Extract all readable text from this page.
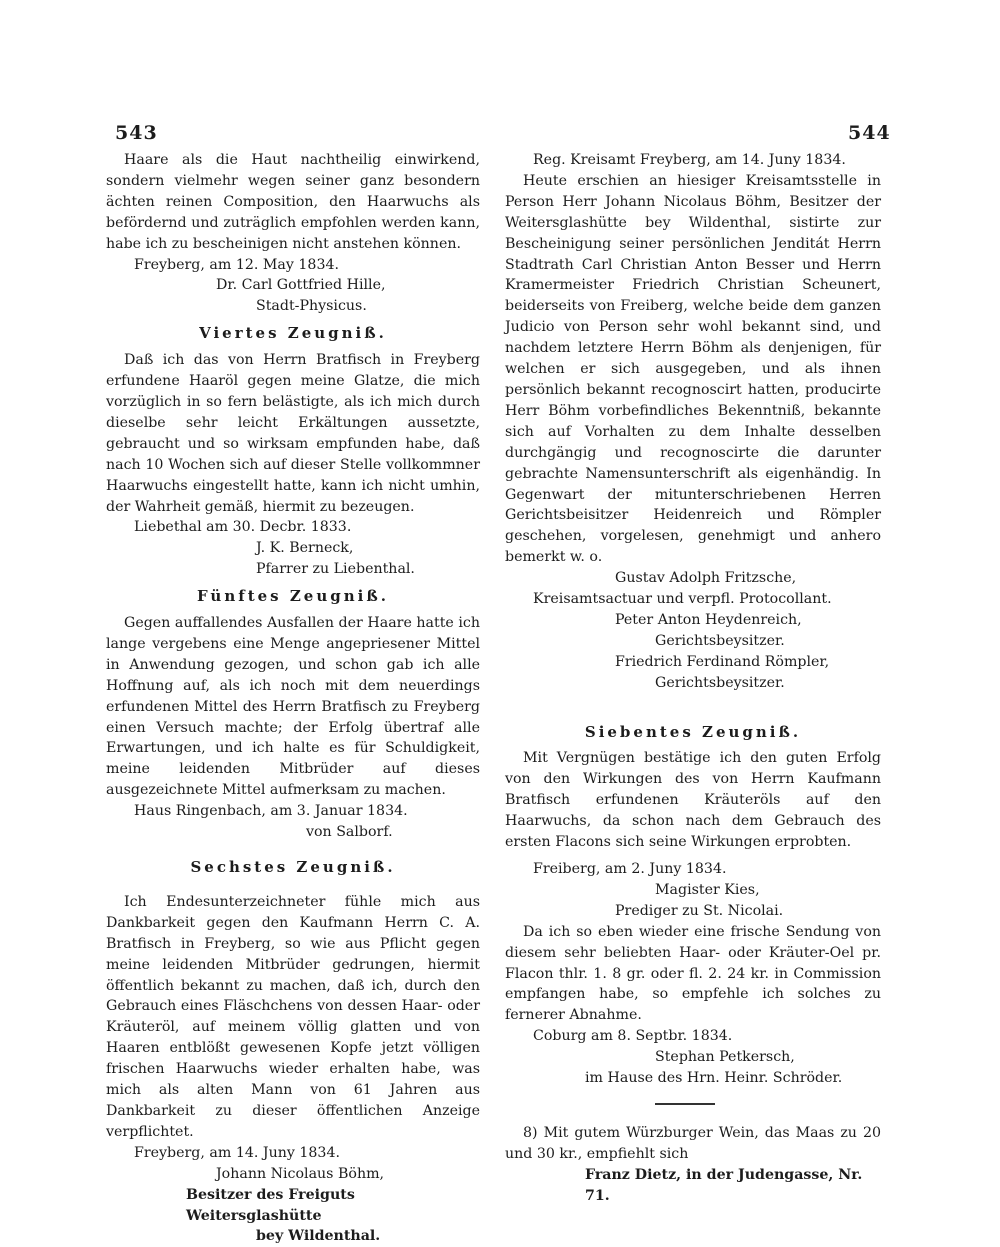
543	544

Haare als die Haut nachtheilig einwirkend, sondern vielmehr wegen seiner ganz besondern ächten reinen Composition, den Haarwuchs als befördernd und zuträglich empfohlen werden kann, habe ich zu bescheinigen nicht anstehen können.

Freyberg, am 12. May 1834.

Dr. Carl Gottfried Hille,

Stadt-Physicus.

Viertes Zeugniß.

Daß ich das von Herrn Bratfisch in Freyberg erfundene Haaröl gegen meine Glatze, die mich vorzüglich in so fern belästigte, als ich mich durch dieselbe sehr leicht Erkältungen aussetzte, gebraucht und so wirksam empfunden habe, daß nach 10 Wochen sich auf dieser Stelle vollkommner Haarwuchs eingestellt hatte, kann ich nicht umhin, der Wahrheit gemäß, hiermit zu bezeugen.

Liebethal am 30. Decbr. 1833.

J. K. Berneck,

Pfarrer zu Liebenthal.

Fünftes Zeugniß.

Gegen auffallendes Ausfallen der Haare hatte ich lange vergebens eine Menge angepriesener Mittel in Anwendung gezogen, und schon gab ich alle Hoffnung auf, als ich noch mit dem neuerdings erfundenen Mittel des Herrn Bratfisch zu Freyberg einen Versuch machte; der Erfolg übertraf alle Erwartungen, und ich halte es für Schuldigkeit, meine leidenden Mitbrüder auf dieses ausgezeichnete Mittel aufmerksam zu machen.

Haus Ringenbach, am 3. Januar 1834.

von Salborf.

Sechstes Zeugniß.

Ich Endesunterzeichneter fühle mich aus Dankbarkeit gegen den Kaufmann Herrn C. A. Bratfisch in Freyberg, so wie aus Pflicht gegen meine leidenden Mitbrüder gedrungen, hiermit öffentlich bekannt zu machen, daß ich, durch den Gebrauch eines Fläschchens von dessen Haar- oder Kräuteröl, auf meinem völlig glatten und von Haaren entblößt gewesenen Kopfe jetzt völligen frischen Haarwuchs wieder erhalten habe, was mich als alten Mann von 61 Jahren aus Dankbarkeit zu dieser öffentlichen Anzeige verpflichtet.

Freyberg, am 14. Juny 1834.

Johann Nicolaus Böhm,

Besitzer des Freiguts Weitersglashütte

bey Wildenthal.

Reg. Kreisamt Freyberg, am 14. Juny 1834.

Heute erschien an hiesiger Kreisamtsstelle in Person Herr Johann Nicolaus Böhm, Besitzer der Weitersglashütte bey Wildenthal, sistirte zur Bescheinigung seiner persönlichen Jenditát Herrn Stadtrath Carl Christian Anton Besser und Herrn Kramermeister Friedrich Christian Scheunert, beiderseits von Freiberg, welche beide dem ganzen Judicio von Person sehr wohl bekannt sind, und nachdem letztere Herrn Böhm als denjenigen, für welchen er sich ausgegeben, und als ihnen persönlich bekannt recognoscirt hatten, producirte Herr Böhm vorbefindliches Bekenntniß, bekannte sich auf Vorhalten zu dem Inhalte desselben durchgängig und recognoscirte die darunter gebrachte Namensunterschrift als eigenhändig. In Gegenwart der mitunterschriebenen Herren Gerichtsbeisitzer Heidenreich und Römpler geschehen, vorgelesen, genehmigt und anhero bemerkt w. o.

Gustav Adolph Fritzsche,

Kreisamtsactuar und verpfl. Protocollant.

Peter Anton Heydenreich,

Gerichtsbeysitzer.

Friedrich Ferdinand Römpler,

Gerichtsbeysitzer.

Siebentes Zeugniß.

Mit Vergnügen bestätige ich den guten Erfolg von den Wirkungen des von Herrn Kaufmann Bratfisch erfundenen Kräuteröls auf den Haarwuchs, da schon nach dem Gebrauch des ersten Flacons sich seine Wirkungen erprobten.

Freiberg, am 2. Juny 1834.

Magister Kies,

Prediger zu St. Nicolai.

Da ich so eben wieder eine frische Sendung von diesem sehr beliebten Haar- oder Kräuter-Oel pr. Flacon thlr. 1. 8 gr. oder fl. 2. 24 kr. in Commission empfangen habe, so empfehle ich solches zu fernerer Abnahme.

Coburg am 8. Septbr. 1834.

Stephan Petkersch,

im Hause des Hrn. Heinr. Schröder.

8) Mit gutem Würzburger Wein, das Maas zu 20 und 30 kr., empfiehlt sich

Franz Dietz, in der Judengasse, Nr. 71.
